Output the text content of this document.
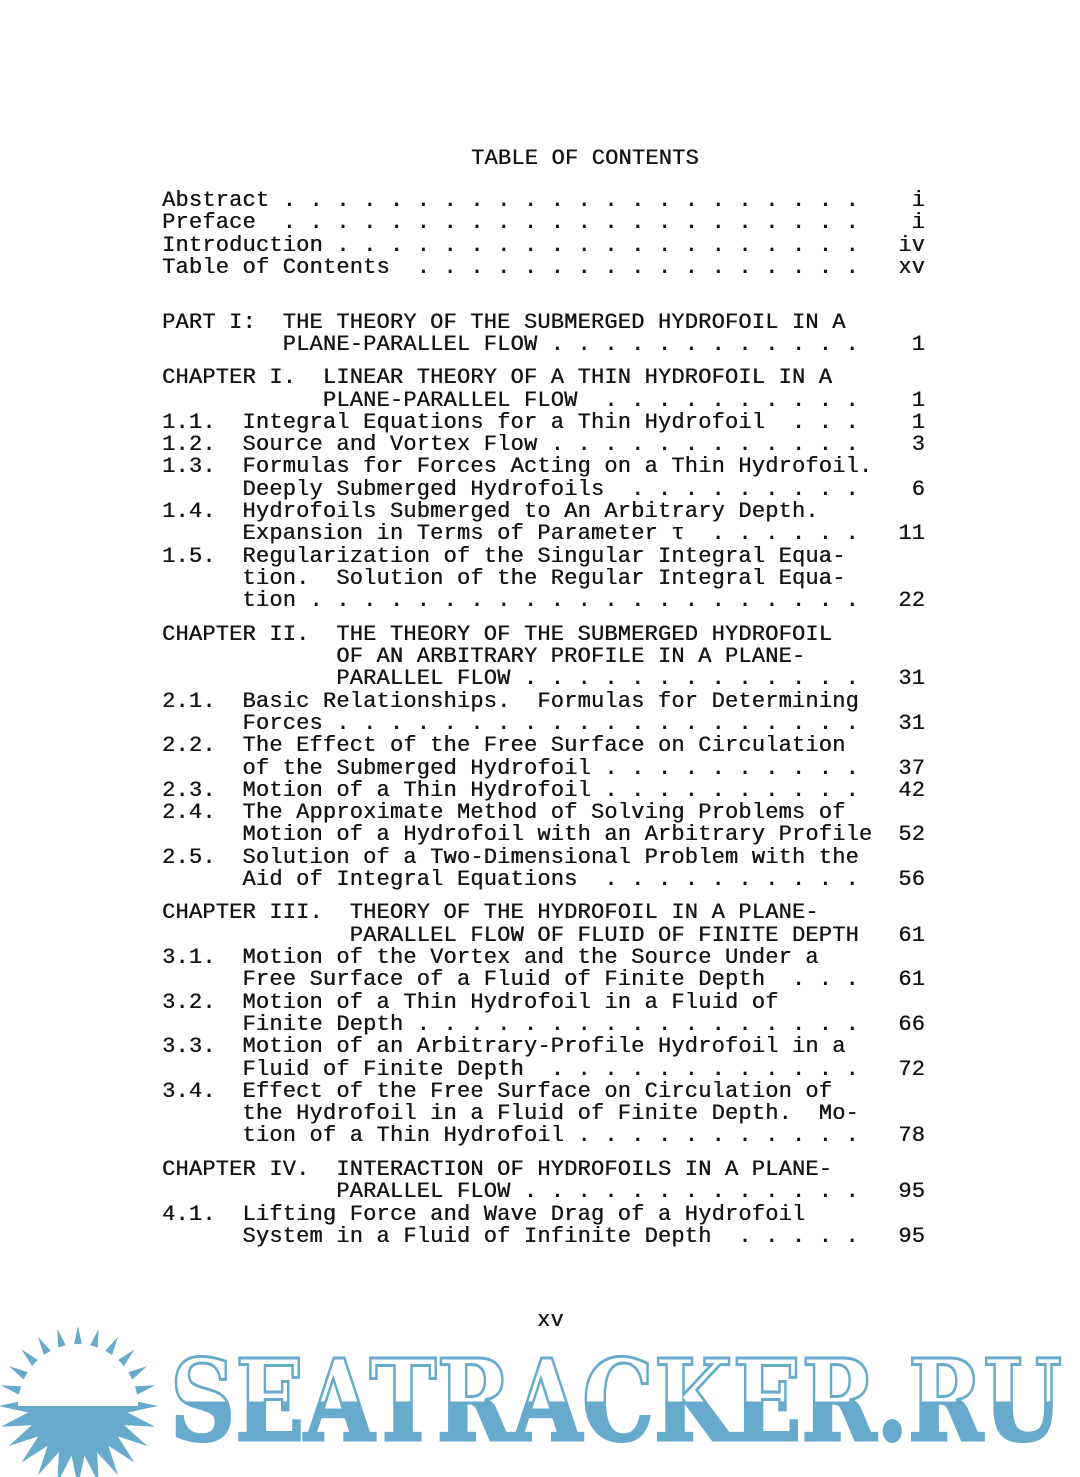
TABLE OF CONTENTS
Abstract . . . . . . . . . . . . . . . . . . . . . . i
Preface . . . . . . . . . . . . . . . . . . . . . . i
Introduction . . . . . . . . . . . . . . . . . . . . iv
Table of Contents . . . . . . . . . . . . . . . . . xv
PART I: THE THEORY OF THE SUBMERGED HYDROFOIL IN A
PLANE-PARALLEL FLOW . . . . . . . . . . . . 1
CHAPTER I. LINEAR THEORY OF A THIN HYDROFOIL IN A
PLANE-PARALLEL FLOW . . . . . . . . . . 1
1.1. Integral Equations for a Thin Hydrofoil . . . 1
1.2. Source and Vortex Flow . . . . . . . . . . . . 3
1.3. Formulas for Forces Acting on a Thin Hydrofoil.
Deeply Submerged Hydrofoils . . . . . . . . . 6
1.4. Hydrofoils Submerged to An Arbitrary Depth.
Expansion in Terms of Parameter τ . . . . . . 11
1.5. Regularization of the Singular Integral Equa-
tion.  Solution of the Regular Integral Equa-
tion . . . . . . . . . . . . . . . . . . . . . 22
CHAPTER II. THE THEORY OF THE SUBMERGED HYDROFOIL
OF AN ARBITRARY PROFILE IN A PLANE-
PARALLEL FLOW . . . . . . . . . . . . . 31
2.1. Basic Relationships.  Formulas for Determining
Forces . . . . . . . . . . . . . . . . . . . . 31
2.2. The Effect of the Free Surface on Circulation
of the Submerged Hydrofoil . . . . . . . . . . 37
2.3. Motion of a Thin Hydrofoil . . . . . . . . . . 42
2.4. The Approximate Method of Solving Problems of
Motion of a Hydrofoil with an Arbitrary Profile 52
2.5. Solution of a Two-Dimensional Problem with the
Aid of Integral Equations . . . . . . . . . . 56
CHAPTER III. THEORY OF THE HYDROFOIL IN A PLANE-
PARALLEL FLOW OF FLUID OF FINITE DEPTH 61
3.1. Motion of the Vortex and the Source Under a
Free Surface of a Fluid of Finite Depth . . . 61
3.2. Motion of a Thin Hydrofoil in a Fluid of
Finite Depth . . . . . . . . . . . . . . . . . 66
3.3. Motion of an Arbitrary-Profile Hydrofoil in a
Fluid of Finite Depth . . . . . . . . . . . . 72
3.4. Effect of the Free Surface on Circulation of
the Hydrofoil in a Fluid of Finite Depth.  Mo-
tion of a Thin Hydrofoil . . . . . . . . . . . 78
CHAPTER IV. INTERACTION OF HYDROFOILS IN A PLANE-
PARALLEL FLOW . . . . . . . . . . . . . 95
4.1. Lifting Force and Wave Drag of a Hydrofoil
System in a Fluid of Infinite Depth . . . . . 95
xv
SEATRACKER.RU
